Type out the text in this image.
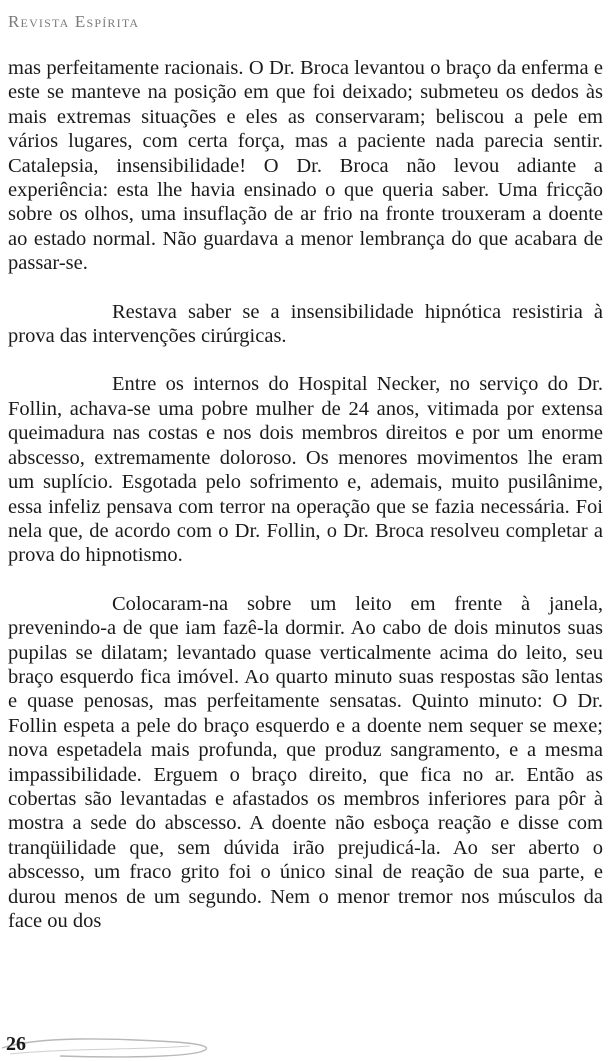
Revista Espírita

mas perfeitamente racionais. O Dr. Broca levantou o braço da enferma e este se manteve na posição em que foi deixado; submeteu os dedos às mais extremas situações e eles as conservaram; beliscou a pele em vários lugares, com certa força, mas a paciente nada parecia sentir. Catalepsia, insensibilidade! O Dr. Broca não levou adiante a experiência: esta lhe havia ensinado o que queria saber. Uma fricção sobre os olhos, uma insuflação de ar frio na fronte trouxeram a doente ao estado normal. Não guardava a menor lembrança do que acabara de passar-se.

Restava saber se a insensibilidade hipnótica resistiria à prova das intervenções cirúrgicas.

Entre os internos do Hospital Necker, no serviço do Dr. Follin, achava-se uma pobre mulher de 24 anos, vitimada por extensa queimadura nas costas e nos dois membros direitos e por um enorme abscesso, extremamente doloroso. Os menores movimentos lhe eram um suplício. Esgotada pelo sofrimento e, ademais, muito pusilânime, essa infeliz pensava com terror na operação que se fazia necessária. Foi nela que, de acordo com o Dr. Follin, o Dr. Broca resolveu completar a prova do hipnotismo.

Colocaram-na sobre um leito em frente à janela, prevenindo-a de que iam fazê-la dormir. Ao cabo de dois minutos suas pupilas se dilatam; levantado quase verticalmente acima do leito, seu braço esquerdo fica imóvel. Ao quarto minuto suas respostas são lentas e quase penosas, mas perfeitamente sensatas. Quinto minuto: O Dr. Follin espeta a pele do braço esquerdo e a doente nem sequer se mexe; nova espetadela mais profunda, que produz sangramento, e a mesma impassibilidade. Erguem o braço direito, que fica no ar. Então as cobertas são levantadas e afastados os membros inferiores para pôr à mostra a sede do abscesso. A doente não esboça reação e disse com tranqüilidade que, sem dúvida irão prejudicá-la. Ao ser aberto o abscesso, um fraco grito foi o único sinal de reação de sua parte, e durou menos de um segundo. Nem o menor tremor nos músculos da face ou dos

26
